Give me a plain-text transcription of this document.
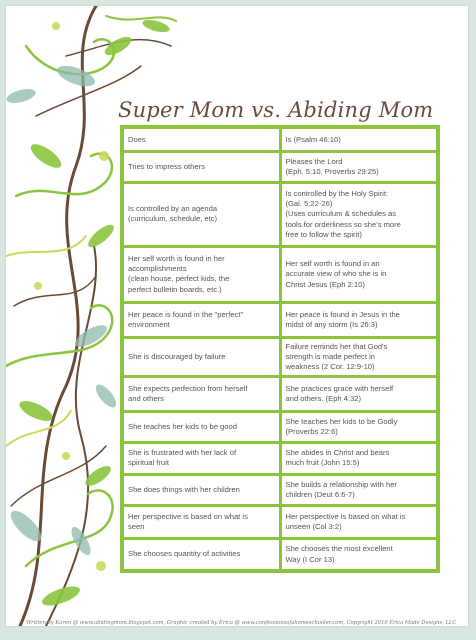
Super Mom vs. Abiding Mom
Does	Is (Psalm 46:10)
Tries to impress others
Pleases the Lord
(Eph. 5:10, Proverbs 29:25)
Is controlled by an agenda
(curriculum, schedule, etc)
Is controlled by the Holy Spirit:
(Gal. 5:22-26)
(Uses curriculum & schedules as
tools for orderliness so she's more
free to follow the spirit)
Her self worth is found in her
accomplishments
(clean house, perfect kids, the
perfect bulletin boards, etc.)
Her self worth is found in an
accurate view of who she is in
Christ Jesus (Eph 2:10)
Her peace is found in the "perfect"
environment
Her peace is found in Jesus in the
midst of any storm (Is 26:3)
She is discouraged by failure
Failure reminds her that God's
strength is made perfect in
weakness (2 Cor. 12:9-10)
She expects perfection from herself
and others
She practices grace with herself
and others. (Eph 4:32)
She teaches her kids to be good
She teaches her kids to be Godly
(Proverbs 22:6)
She is frustrated with her lack of
spiritual fruit
She abides in Christ and bears
much fruit (John 15:5)
She does things with her children
She builds a relationship with her
children (Deut 6:6-7)
Her perspective is based on what is
seen
Her perspective is based on what is
unseen (Col 3:2)
She chooses quantity of activities
She chooses the most excellent
Way (I Cor 13)
Written by Karen @ www.abidingmom.blogspot.com, Graphic created by Erica @ www.confessionsofahomeschooler.com, Copyright 2010 Erica Made Designs, LLC
